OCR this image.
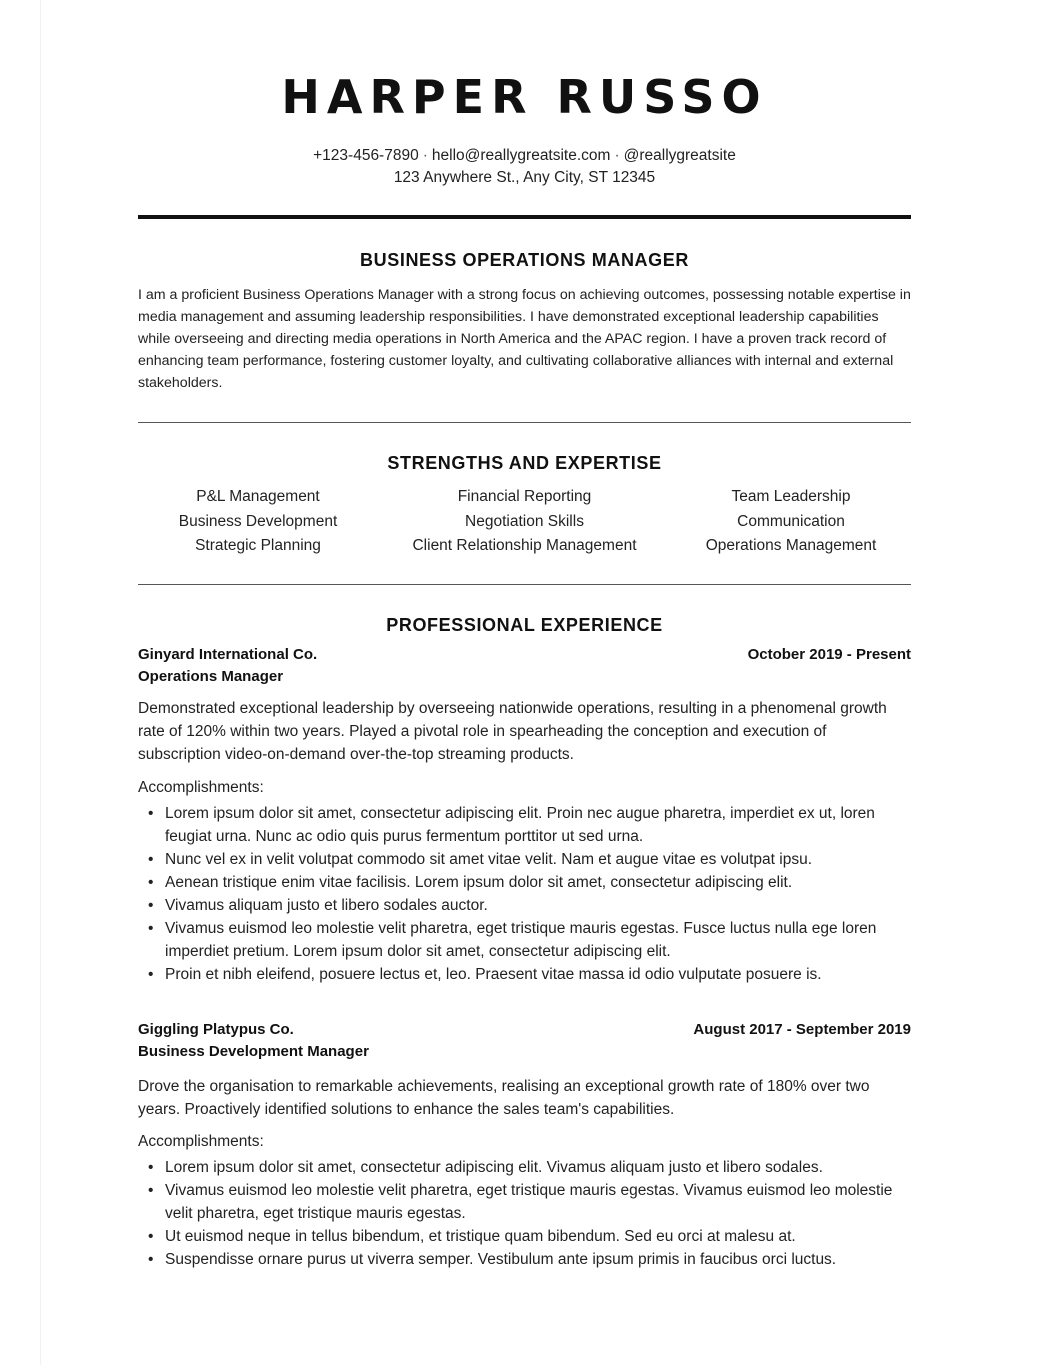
HARPER RUSSO
+123-456-7890 · hello@reallygreatsite.com · @reallygreatsite
123 Anywhere St., Any City, ST 12345
BUSINESS OPERATIONS MANAGER

I am a proficient Business Operations Manager with a strong focus on achieving outcomes, possessing notable expertise in media management and assuming leadership responsibilities. I have demonstrated exceptional leadership capabilities while overseeing and directing media operations in North America and the APAC region. I have a proven track record of enhancing team performance, fostering customer loyalty, and cultivating collaborative alliances with internal and external stakeholders.

STRENGTHS AND EXPERTISE
P&L Management	Financial Reporting	Team Leadership
Business Development	Negotiation Skills	Communication
Strategic Planning	Client Relationship Management	Operations Management
PROFESSIONAL EXPERIENCE
Ginyard International Co.	October 2019 - Present
Operations Manager

Demonstrated exceptional leadership by overseeing nationwide operations, resulting in a phenomenal growth rate of 120% within two years. Played a pivotal role in spearheading the conception and execution of subscription video-on-demand over-the-top streaming products.

Accomplishments:
• Lorem ipsum dolor sit amet, consectetur adipiscing elit. Proin nec augue pharetra, imperdiet ex ut, loren feugiat urna. Nunc ac odio quis purus fermentum porttitor ut sed urna.
• Nunc vel ex in velit volutpat commodo sit amet vitae velit. Nam et augue vitae es volutpat ipsu.
• Aenean tristique enim vitae facilisis. Lorem ipsum dolor sit amet, consectetur adipiscing elit.
• Vivamus aliquam justo et libero sodales auctor.
• Vivamus euismod leo molestie velit pharetra, eget tristique mauris egestas. Fusce luctus nulla ege loren imperdiet pretium. Lorem ipsum dolor sit amet, consectetur adipiscing elit.
• Proin et nibh eleifend, posuere lectus et, leo. Praesent vitae massa id odio vulputate posuere is.
Giggling Platypus Co.	August 2017 - September 2019
Business Development Manager

Drove the organisation to remarkable achievements, realising an exceptional growth rate of 180% over two years. Proactively identified solutions to enhance the sales team's capabilities.

Accomplishments:
• Lorem ipsum dolor sit amet, consectetur adipiscing elit. Vivamus aliquam justo et libero sodales.
• Vivamus euismod leo molestie velit pharetra, eget tristique mauris egestas. Vivamus euismod leo molestie velit pharetra, eget tristique mauris egestas.
• Ut euismod neque in tellus bibendum, et tristique quam bibendum. Sed eu orci at malesu at.
• Suspendisse ornare purus ut viverra semper. Vestibulum ante ipsum primis in faucibus orci luctus.
